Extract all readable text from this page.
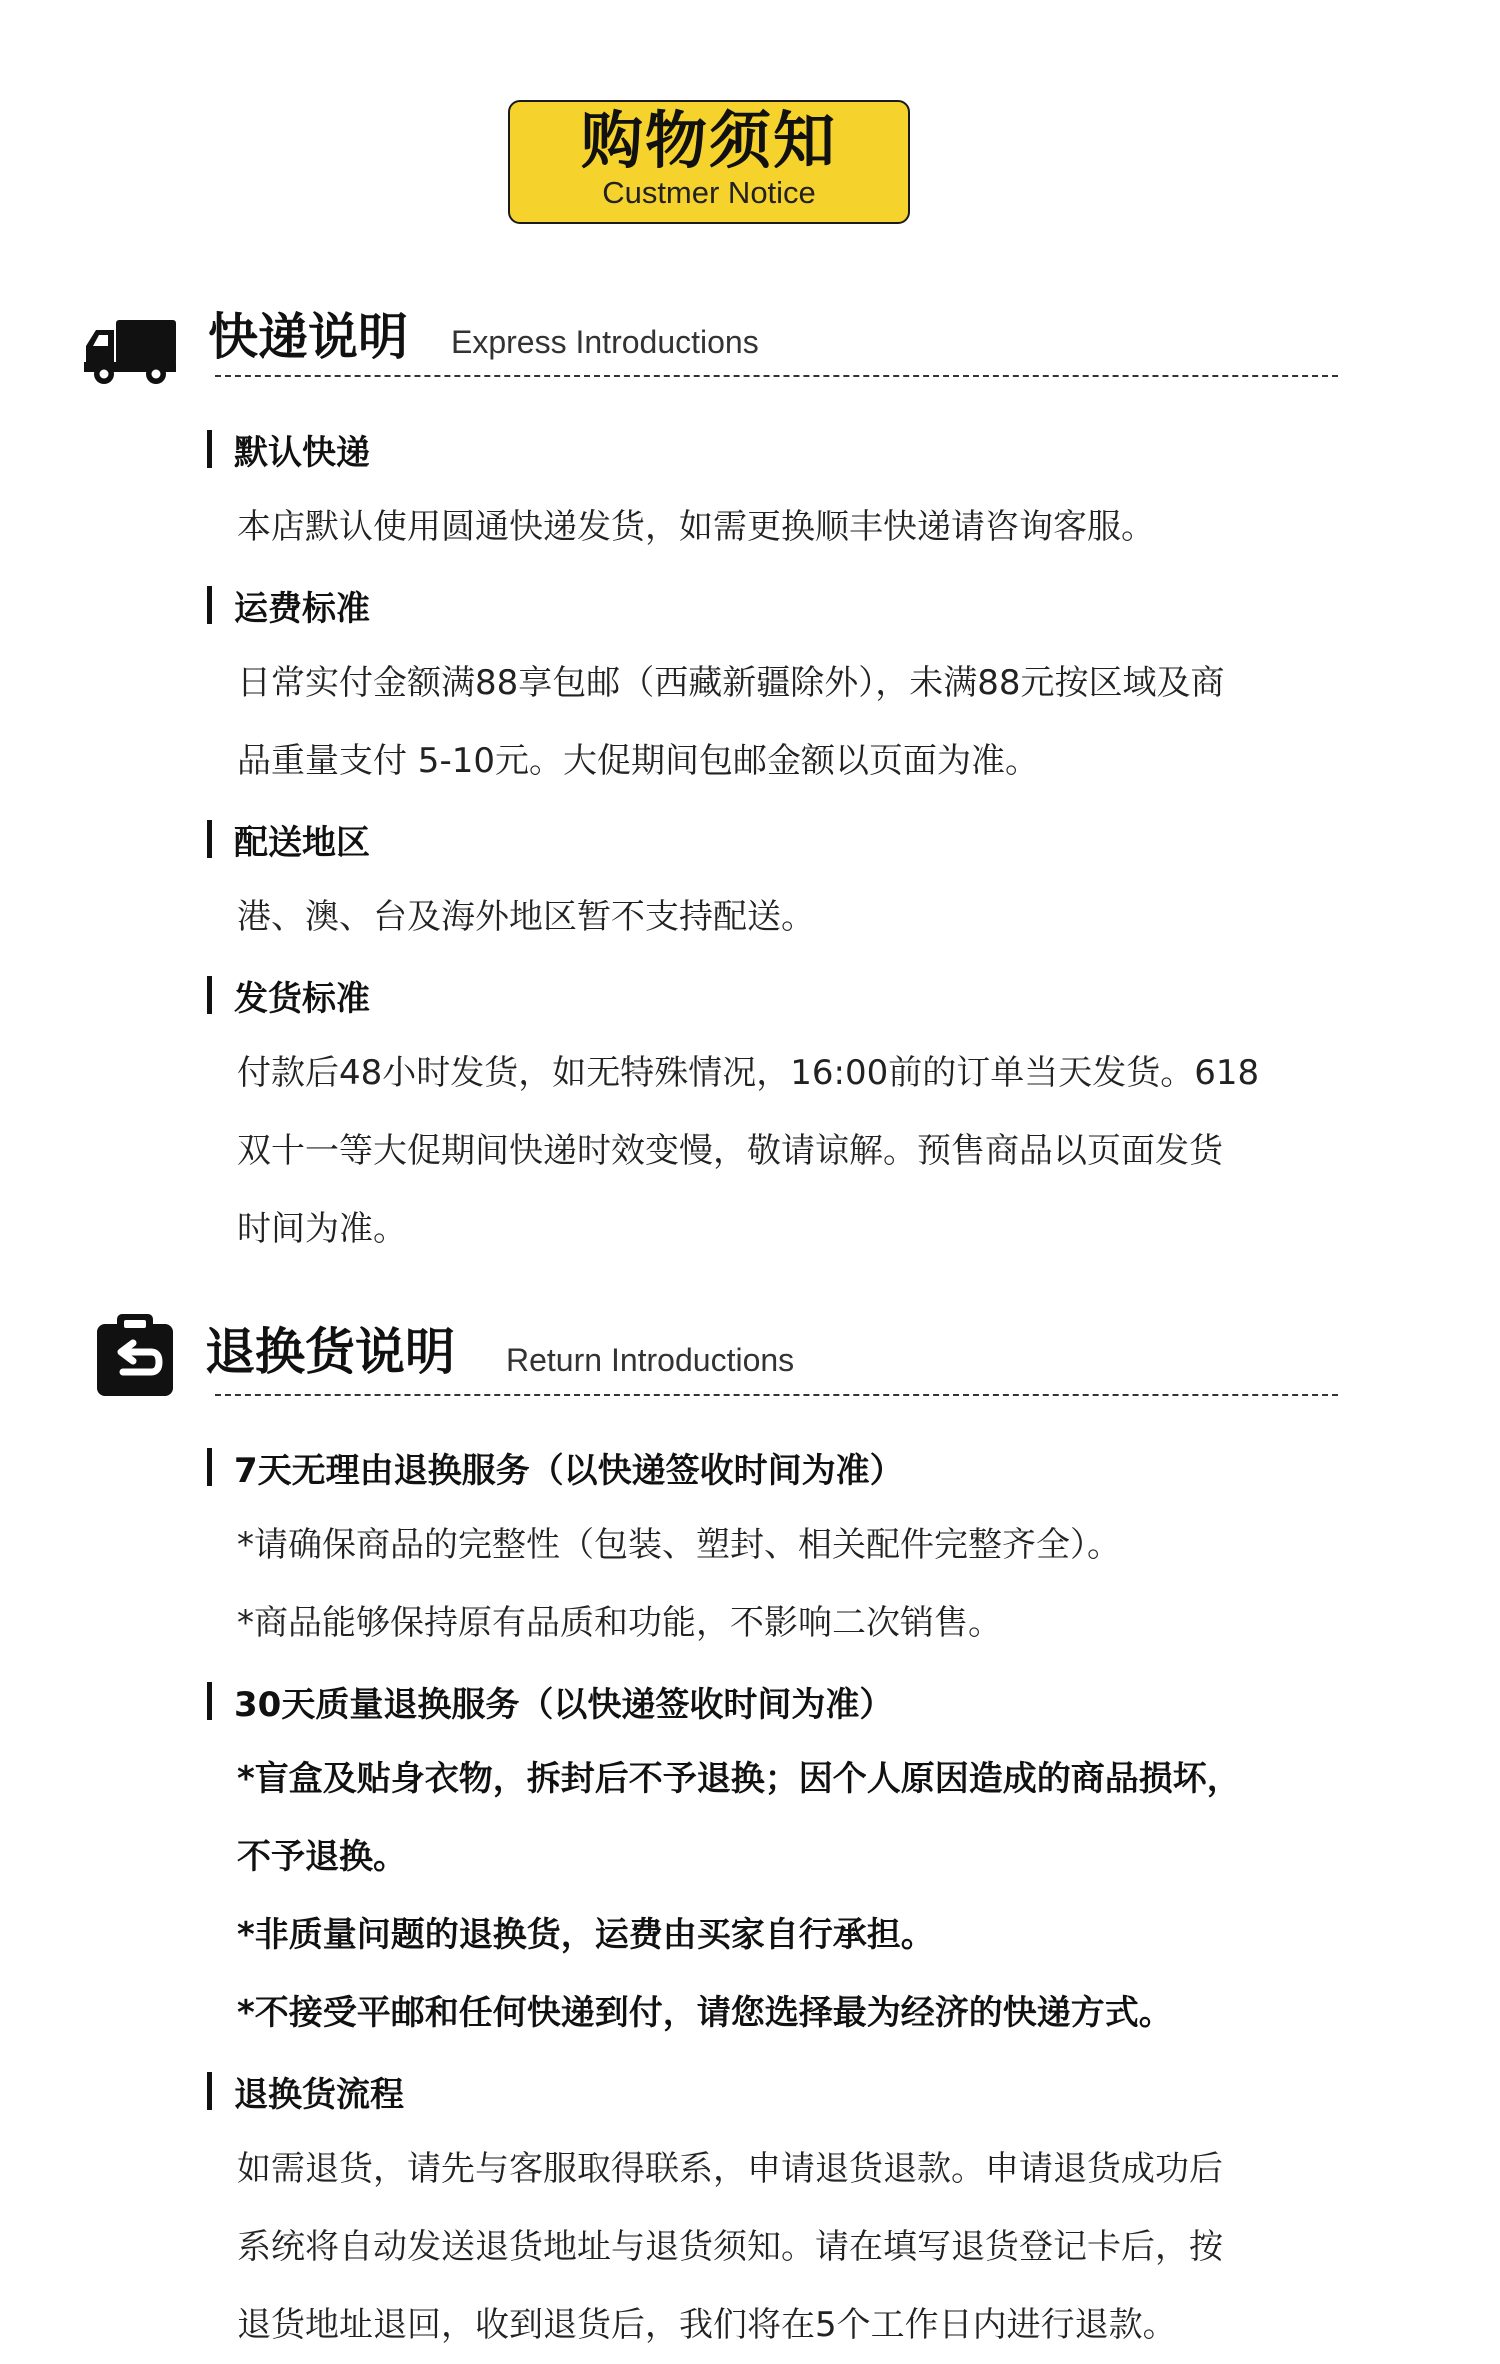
购物须知
Custmer Notice
快递说明 Express Introductions
默认快递
本店默认使用圆通快递发货，如需更换顺丰快递请咨询客服。
运费标准
日常实付金额满88享包邮（西藏新疆除外），未满88元按区域及商
品重量支付 5-10元。大促期间包邮金额以页面为准。
配送地区
港、澳、台及海外地区暂不支持配送。
发货标准
付款后48小时发货，如无特殊情况，16:00前的订单当天发货。618
双十一等大促期间快递时效变慢，敬请谅解。预售商品以页面发货
时间为准。
退换货说明 Return Introductions
7天无理由退换服务（以快递签收时间为准）
*请确保商品的完整性（包装、塑封、相关配件完整齐全）。
*商品能够保持原有品质和功能，不影响二次销售。
30天质量退换服务（以快递签收时间为准）
*盲盒及贴身衣物，拆封后不予退换；因个人原因造成的商品损坏，
不予退换。
*非质量问题的退换货，运费由买家自行承担。
*不接受平邮和任何快递到付，请您选择最为经济的快递方式。
退换货流程
如需退货，请先与客服取得联系，申请退货退款。申请退货成功后
系统将自动发送退货地址与退货须知。请在填写退货登记卡后，按
退货地址退回，收到退货后，我们将在5个工作日内进行退款。
